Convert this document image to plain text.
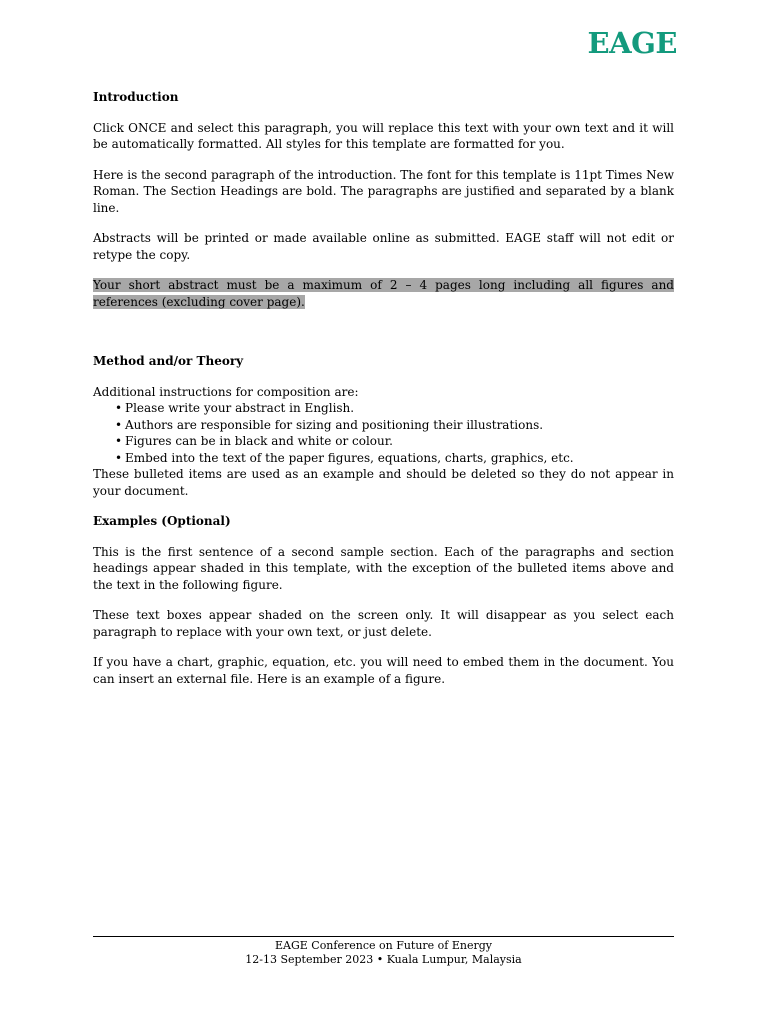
EAGE

Introduction

Click ONCE and select this paragraph, you will replace this text with your own text and it will be automatically formatted. All styles for this template are formatted for you.

Here is the second paragraph of the introduction. The font for this template is 11pt Times New Roman. The Section Headings are bold. The paragraphs are justified and separated by a blank line.

Abstracts will be printed or made available online as submitted. EAGE staff will not edit or retype the copy.

Your short abstract must be a maximum of 2 – 4 pages long including all figures and references (excluding cover page).

Method and/or Theory

Additional instructions for composition are:

• Please write your abstract in English.
• Authors are responsible for sizing and positioning their illustrations.
• Figures can be in black and white or colour.
• Embed into the text of the paper figures, equations, charts, graphics, etc.

These bulleted items are used as an example and should be deleted so they do not appear in your document.

Examples (Optional)

This is the first sentence of a second sample section. Each of the paragraphs and section headings appear shaded in this template, with the exception of the bulleted items above and the text in the following figure.

These text boxes appear shaded on the screen only. It will disappear as you select each paragraph to replace with your own text, or just delete.

If you have a chart, graphic, equation, etc. you will need to embed them in the document. You can insert an external file. Here is an example of a figure.

EAGE Conference on Future of Energy
12-13 September 2023 • Kuala Lumpur, Malaysia
